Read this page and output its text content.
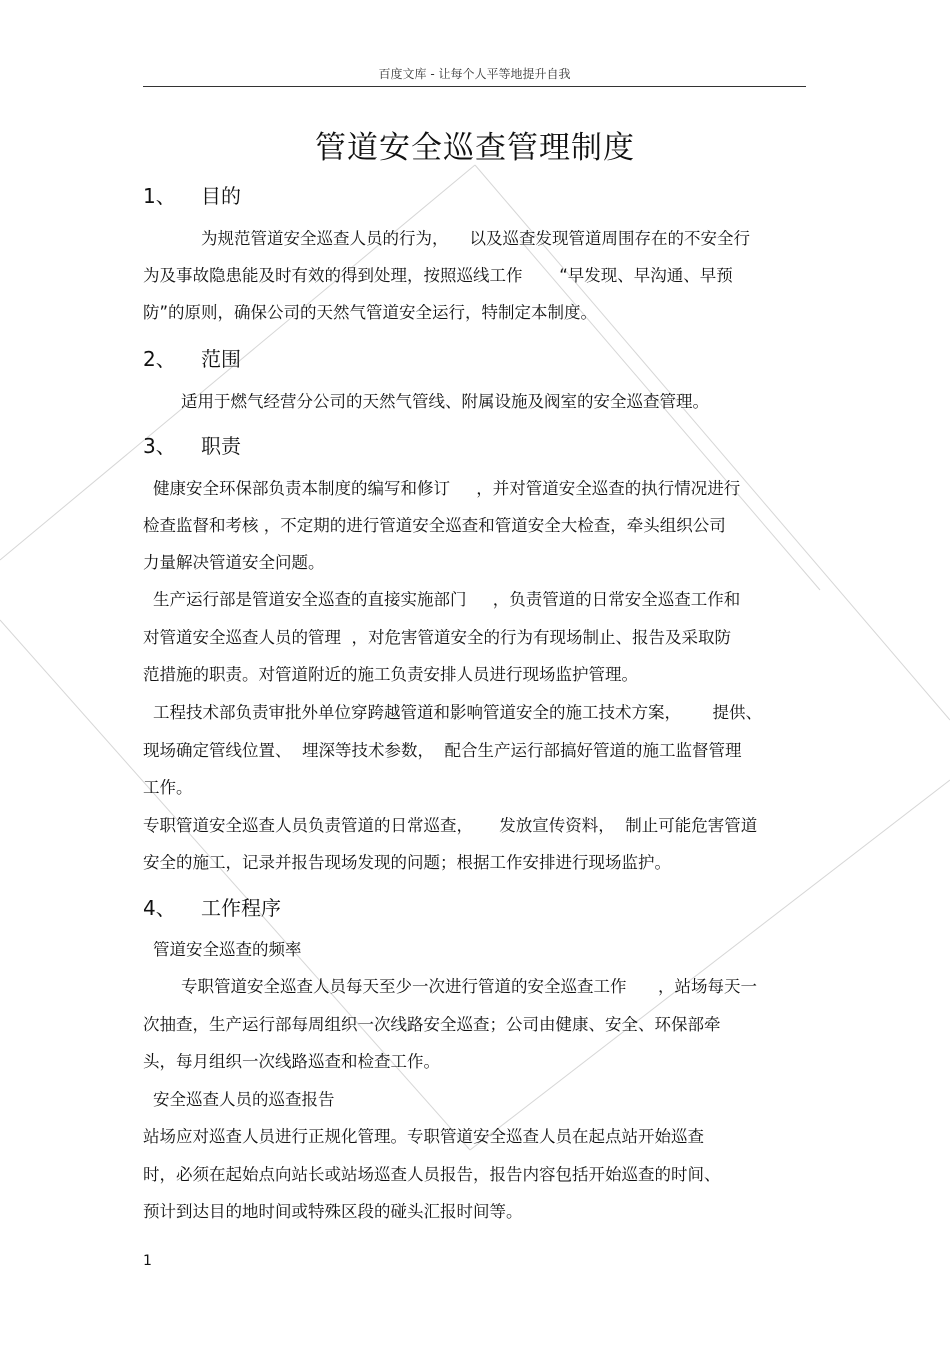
百度文库 - 让每个人平等地提升自我
管道安全巡查管理制度
1、 目的
为规范管道安全巡查人员的行为，    以及巡查发现管道周围存在的不安全行
为及事故隐患能及时有效的得到处理，按照巡线工作       “早发现、早沟通、早预
防”的原则，确保公司的天然气管道安全运行，特制定本制度。
2、 范围
适用于燃气经营分公司的天然气管线、附属设施及阀室的安全巡查管理。
3、 职责
健康安全环保部负责本制度的编写和修订     ，并对管道安全巡查的执行情况进行
检查监督和考核 ，不定期的进行管道安全巡查和管道安全大检查，牵头组织公司
力量解决管道安全问题。
生产运行部是管道安全巡查的直接实施部门     ，负责管道的日常安全巡查工作和
对管道安全巡查人员的管理  ，对危害管道安全的行为有现场制止、报告及采取防
范措施的职责。对管道附近的施工负责安排人员进行现场监护管理。
工程技术部负责审批外单位穿跨越管道和影响管道安全的施工技术方案，      提供、
现场确定管线位置、  埋深等技术参数，  配合生产运行部搞好管道的施工监督管理
工作。
专职管道安全巡查人员负责管道的日常巡查，     发放宣传资料，  制止可能危害管道
安全的施工，记录并报告现场发现的问题；根据工作安排进行现场监护。
4、 工作程序
管道安全巡查的频率
专职管道安全巡查人员每天至少一次进行管道的安全巡查工作      ，站场每天一
次抽查，生产运行部每周组织一次线路安全巡查；公司由健康、安全、环保部牵
头，每月组织一次线路巡查和检查工作。
安全巡查人员的巡查报告
站场应对巡查人员进行正规化管理。专职管道安全巡查人员在起点站开始巡查
时，必须在起始点向站长或站场巡查人员报告，报告内容包括开始巡查的时间、
预计到达目的地时间或特殊区段的碰头汇报时间等。
1
